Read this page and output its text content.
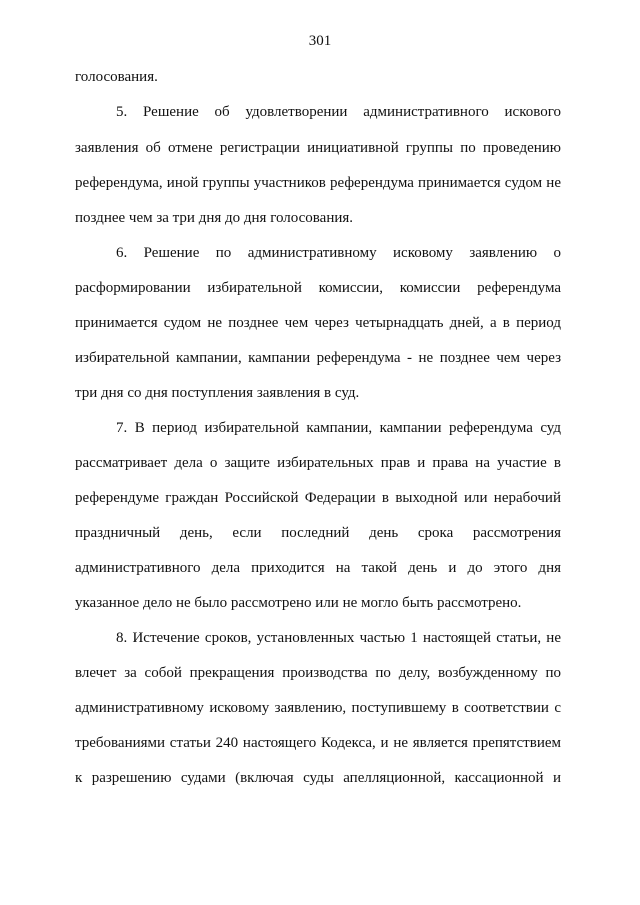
301
голосования.
5. Решение об удовлетворении административного искового
заявления об отмене регистрации инициативной группы по проведению
референдума, иной группы участников референдума принимается судом не
позднее чем за три дня до дня голосования.
6. Решение по административному исковому заявлению о
расформировании избирательной комиссии, комиссии референдума
принимается судом не позднее чем через четырнадцать дней, а в период
избирательной кампании, кампании референдума - не позднее чем через
три дня со дня поступления заявления в суд.
7. В период избирательной кампании, кампании референдума суд
рассматривает дела о защите избирательных прав и права на участие в
референдуме граждан Российской Федерации в выходной или нерабочий
праздничный день, если последний день срока рассмотрения
административного дела приходится на такой день и до этого дня
указанное дело не было рассмотрено или не могло быть рассмотрено.
8. Истечение сроков, установленных частью 1 настоящей статьи, не
влечет за собой прекращения производства по делу, возбужденному по
административному исковому заявлению, поступившему в соответствии с
требованиями статьи 240 настоящего Кодекса, и не является препятствием
к разрешению судами (включая суды апелляционной, кассационной и
